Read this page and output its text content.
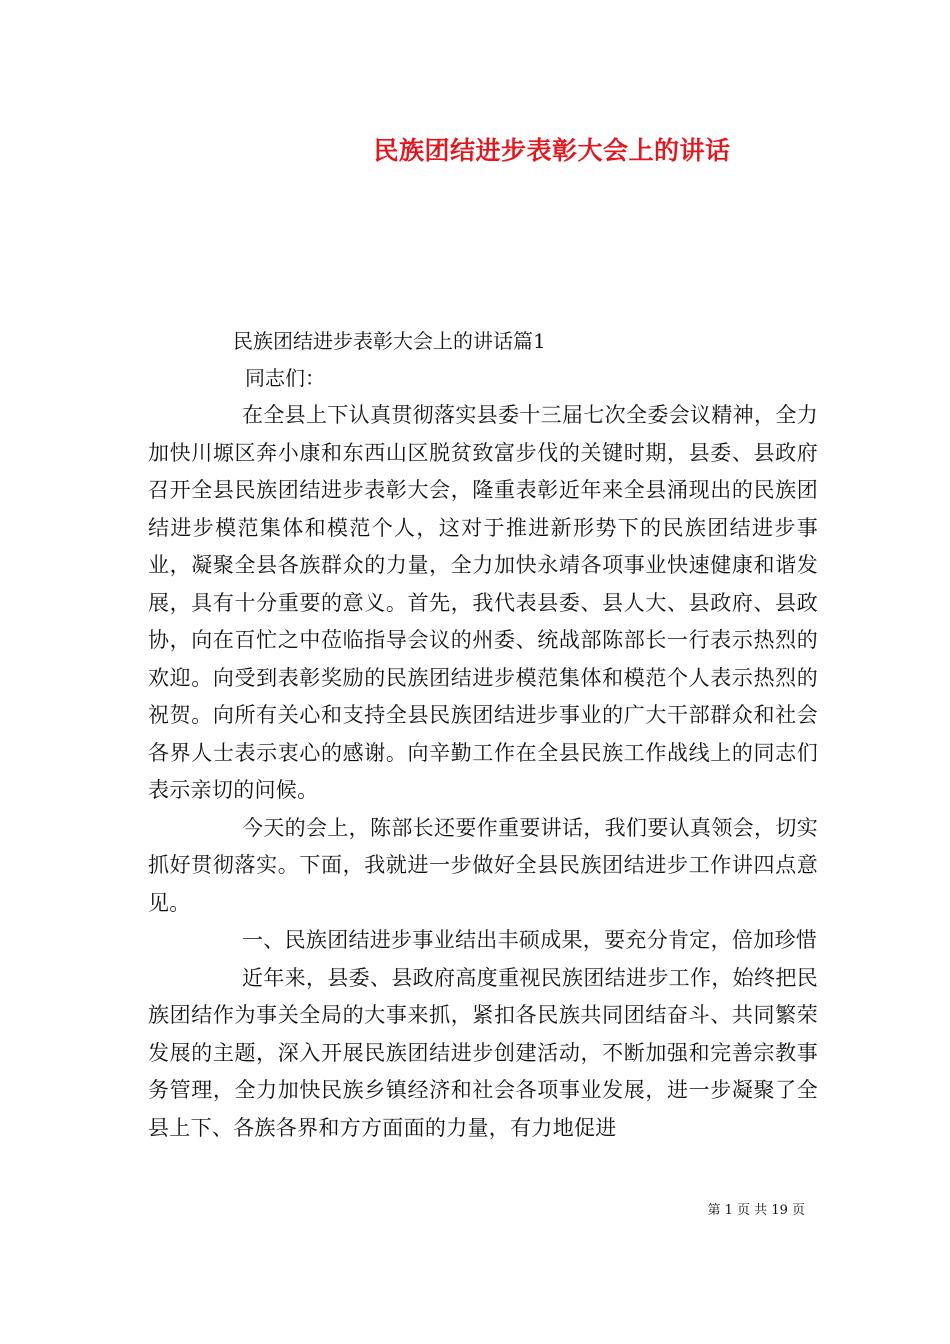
民族团结进步表彰大会上的讲话
民族团结进步表彰大会上的讲话篇1
同志们：

在全县上下认真贯彻落实县委十三届七次全委会议精神，全力加快川塬区奔小康和东西山区脱贫致富步伐的关键时期，县委、县政府召开全县民族团结进步表彰大会，隆重表彰近年来全县涌现出的民族团结进步模范集体和模范个人，这对于推进新形势下的民族团结进步事业，凝聚全县各族群众的力量，全力加快永靖各项事业快速健康和谐发展，具有十分重要的意义。首先，我代表县委、县人大、县政府、县政协，向在百忙之中莅临指导会议的州委、统战部陈部长一行表示热烈的欢迎。向受到表彰奖励的民族团结进步模范集体和模范个人表示热烈的祝贺。向所有关心和支持全县民族团结进步事业的广大干部群众和社会各界人士表示衷心的感谢。向辛勤工作在全县民族工作战线上的同志们表示亲切的问候。

今天的会上，陈部长还要作重要讲话，我们要认真领会，切实抓好贯彻落实。下面，我就进一步做好全县民族团结进步工作讲四点意见。

一、民族团结进步事业结出丰硕成果，要充分肯定，倍加珍惜

近年来，县委、县政府高度重视民族团结进步工作，始终把民族团结作为事关全局的大事来抓，紧扣各民族共同团结奋斗、共同繁荣发展的主题，深入开展民族团结进步创建活动，不断加强和完善宗教事务管理，全力加快民族乡镇经济和社会各项事业发展，进一步凝聚了全县上下、各族各界和方方面面的力量，有力地促进

第 1 页 共 19 页
